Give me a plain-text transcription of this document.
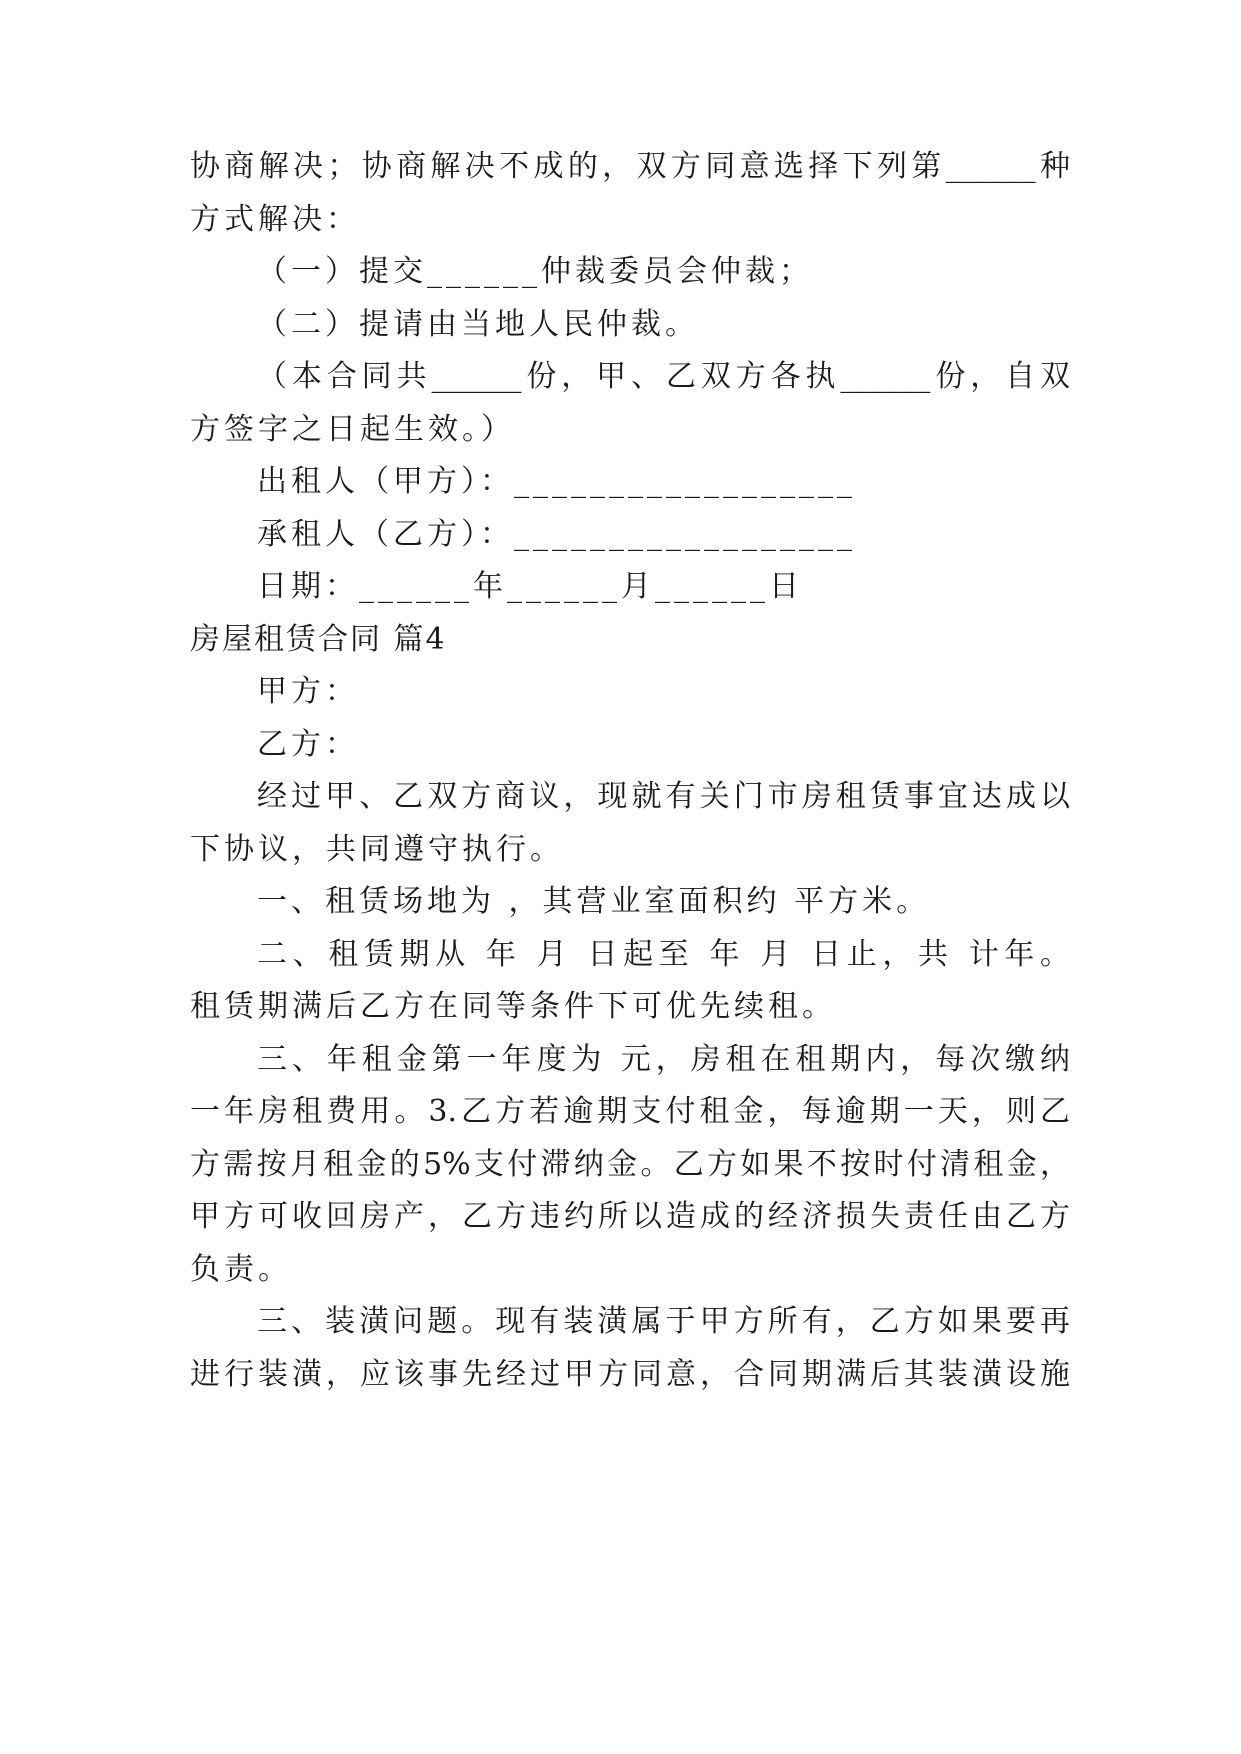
协商解决；协商解决不成的，双方同意选择下列第______种
方式解决：
（一）提交______仲裁委员会仲裁；
（二）提请由当地人民仲裁。
（本合同共______份，甲、乙双方各执______份，自双
方签字之日起生效。）
出租人（甲方）：__________________
承租人（乙方）：__________________
日期：______年______月______日
房屋租赁合同 篇4
甲方：
乙方：
经过甲、乙双方商议，现就有关门市房租赁事宜达成以
下协议，共同遵守执行。
一、租赁场地为 ，其营业室面积约 平方米。
二、租赁期从 年 月 日起至 年 月 日止，共 计年。
租赁期满后乙方在同等条件下可优先续租。
三、年租金第一年度为 元，房租在租期内，每次缴纳
一年房租费用。3.乙方若逾期支付租金，每逾期一天，则乙
方需按月租金的5%支付滞纳金。乙方如果不按时付清租金，
甲方可收回房产，乙方违约所以造成的经济损失责任由乙方
负责。
三、装潢问题。现有装潢属于甲方所有，乙方如果要再
进行装潢，应该事先经过甲方同意，合同期满后其装潢设施
